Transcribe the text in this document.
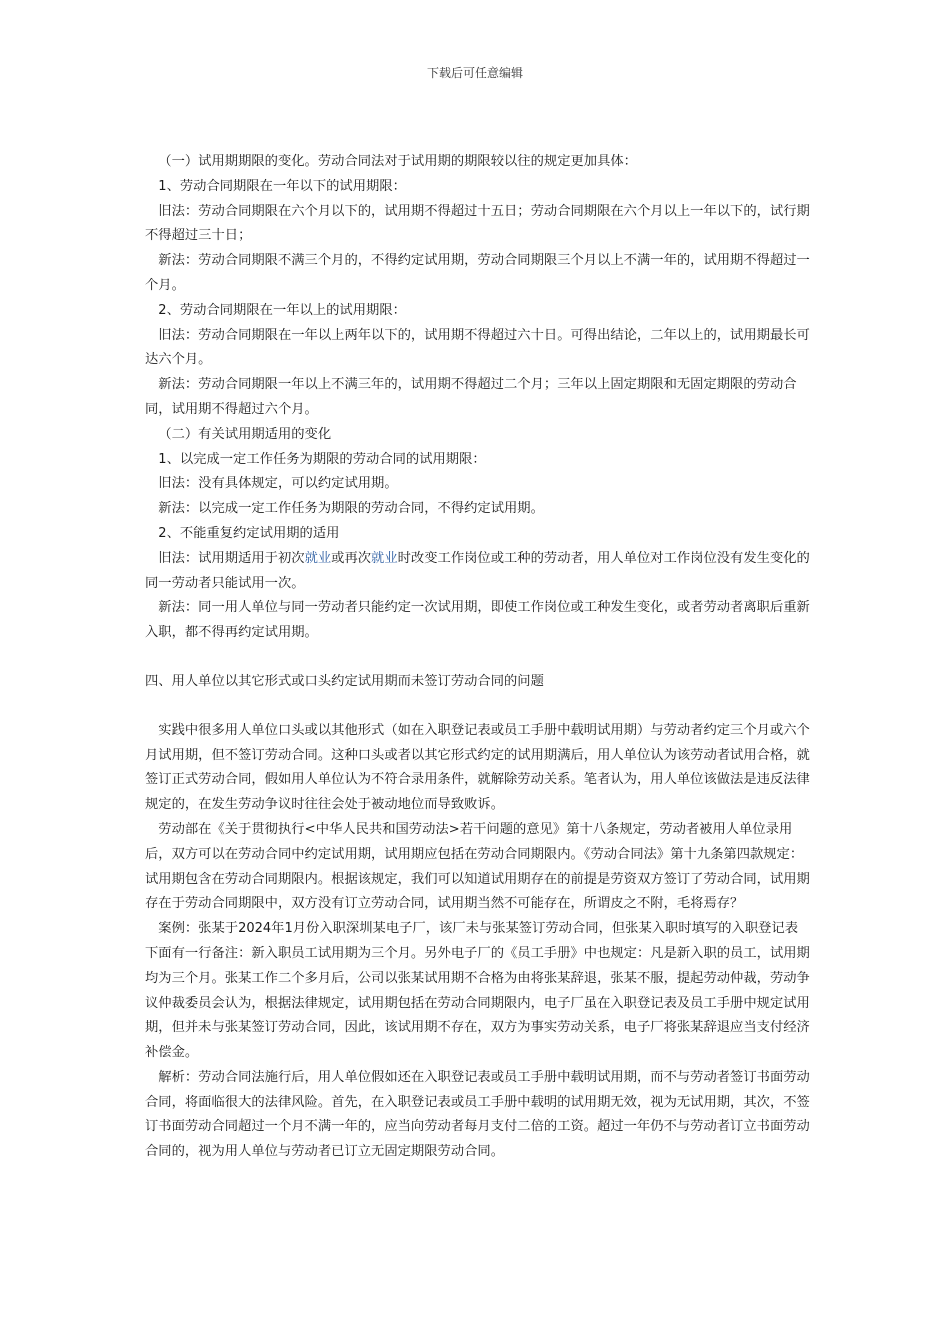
下载后可任意编辑

（一）试用期期限的变化。劳动合同法对于试用期的期限较以往的规定更加具体：

1、劳动合同期限在一年以下的试用期限：

旧法：劳动合同期限在六个月以下的，试用期不得超过十五日；劳动合同期限在六个月以上一年以下的，试行期不得超过三十日；

新法：劳动合同期限不满三个月的，不得约定试用期，劳动合同期限三个月以上不满一年的，试用期不得超过一个月。

2、劳动合同期限在一年以上的试用期限：

旧法：劳动合同期限在一年以上两年以下的，试用期不得超过六十日。可得出结论，二年以上的，试用期最长可达六个月。

新法：劳动合同期限一年以上不满三年的，试用期不得超过二个月；三年以上固定期限和无固定期限的劳动合同，试用期不得超过六个月。

（二）有关试用期适用的变化

1、以完成一定工作任务为期限的劳动合同的试用期限：

旧法：没有具体规定，可以约定试用期。

新法：以完成一定工作任务为期限的劳动合同，不得约定试用期。

2、不能重复约定试用期的适用

旧法：试用期适用于初次就业或再次就业时改变工作岗位或工种的劳动者，用人单位对工作岗位没有发生变化的同一劳动者只能试用一次。

新法：同一用人单位与同一劳动者只能约定一次试用期，即使工作岗位或工种发生变化，或者劳动者离职后重新入职，都不得再约定试用期。

四、用人单位以其它形式或口头约定试用期而未签订劳动合同的问题

实践中很多用人单位口头或以其他形式（如在入职登记表或员工手册中载明试用期）与劳动者约定三个月或六个月试用期，但不签订劳动合同。这种口头或者以其它形式约定的试用期满后，用人单位认为该劳动者试用合格，就签订正式劳动合同，假如用人单位认为不符合录用条件，就解除劳动关系。笔者认为，用人单位该做法是违反法律规定的，在发生劳动争议时往往会处于被动地位而导致败诉。

劳动部在《关于贯彻执行<中华人民共和国劳动法>若干问题的意见》第十八条规定，劳动者被用人单位录用后，双方可以在劳动合同中约定试用期，试用期应包括在劳动合同期限内。《劳动合同法》第十九条第四款规定：试用期包含在劳动合同期限内。根据该规定，我们可以知道试用期存在的前提是劳资双方签订了劳动合同，试用期存在于劳动合同期限中，双方没有订立劳动合同，试用期当然不可能存在，所谓皮之不附，毛将焉存？

案例：张某于2024年1月份入职深圳某电子厂，该厂未与张某签订劳动合同，但张某入职时填写的入职登记表下面有一行备注：新入职员工试用期为三个月。另外电子厂的《员工手册》中也规定：凡是新入职的员工，试用期均为三个月。张某工作二个多月后，公司以张某试用期不合格为由将张某辞退，张某不服，提起劳动仲裁，劳动争议仲裁委员会认为，根据法律规定，试用期包括在劳动合同期限内，电子厂虽在入职登记表及员工手册中规定试用期，但并未与张某签订劳动合同，因此，该试用期不存在，双方为事实劳动关系，电子厂将张某辞退应当支付经济补偿金。

解析：劳动合同法施行后，用人单位假如还在入职登记表或员工手册中载明试用期，而不与劳动者签订书面劳动合同，将面临很大的法律风险。首先，在入职登记表或员工手册中载明的试用期无效，视为无试用期，其次，不签订书面劳动合同超过一个月不满一年的，应当向劳动者每月支付二倍的工资。超过一年仍不与劳动者订立书面劳动合同的，视为用人单位与劳动者已订立无固定期限劳动合同。
